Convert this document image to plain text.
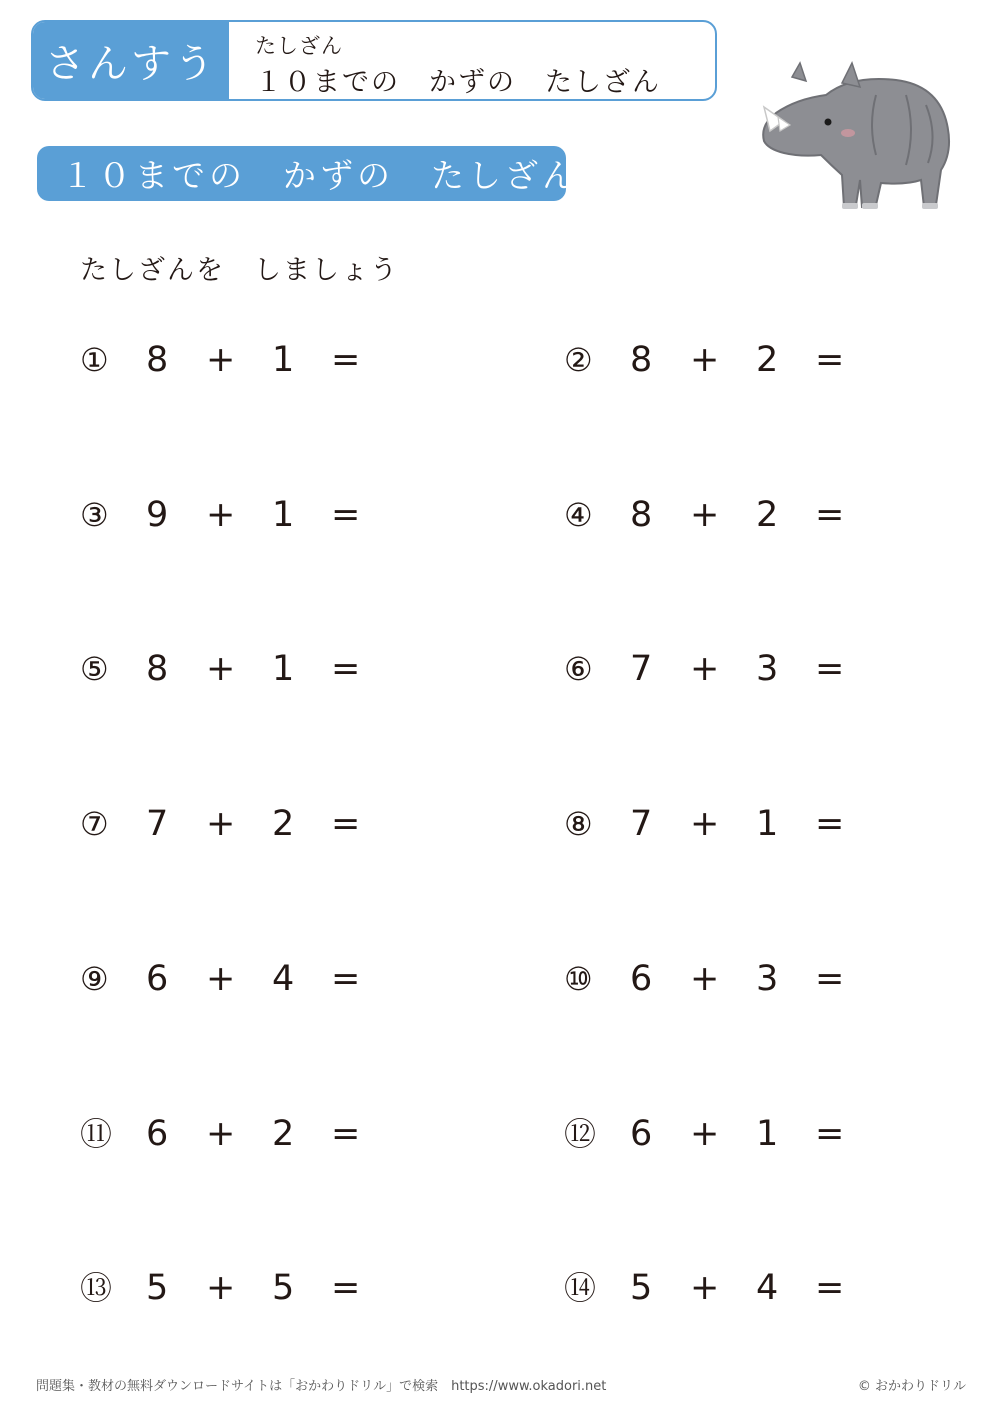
さんすう	たしざん
１０までの　かずの　たしざん
１０までの　かずの　たしざん
たしざんを　しましょう
① 8 + 1 =	② 8 + 2 =
③ 9 + 1 =	④ 8 + 2 =
⑤ 8 + 1 =	⑥ 7 + 3 =
⑦ 7 + 2 =	⑧ 7 + 1 =
⑨ 6 + 4 =	⑩ 6 + 3 =
⑪ 6 + 2 =	⑫ 6 + 1 =
⑬ 5 + 5 =	⑭ 5 + 4 =
問題集・教材の無料ダウンロードサイトは「おかわりドリル」で検索　https://www.okadori.net	© おかわりドリル
